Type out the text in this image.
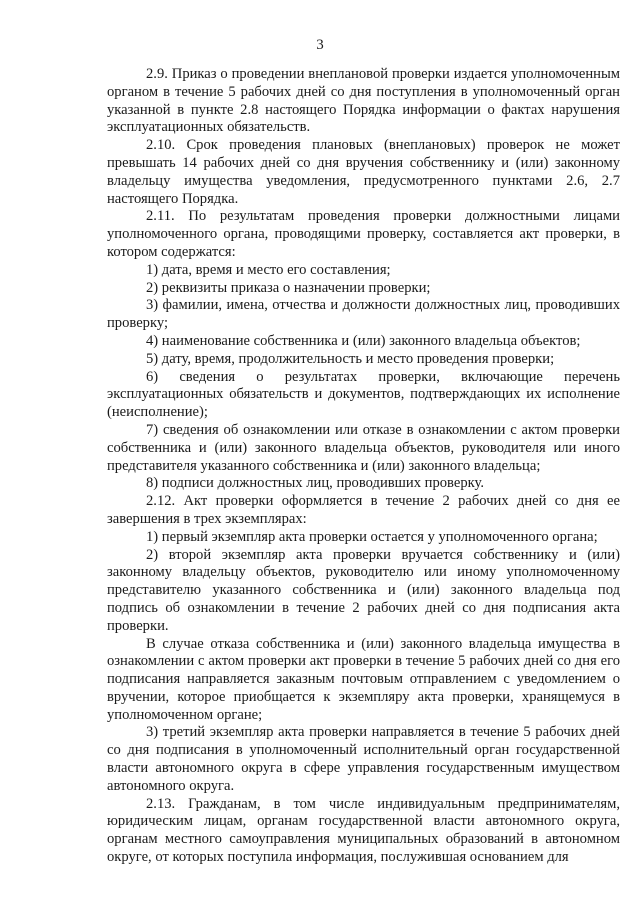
3

2.9. Приказ о проведении внеплановой проверки издается уполномоченным органом в течение 5 рабочих дней со дня поступления в уполномоченный орган указанной в пункте 2.8 настоящего Порядка информации о фактах нарушения эксплуатационных обязательств.

2.10. Срок проведения плановых (внеплановых) проверок не может превышать 14 рабочих дней со дня вручения собственнику и (или) законному владельцу имущества уведомления, предусмотренного пунктами 2.6, 2.7 настоящего Порядка.

2.11. По результатам проведения проверки должностными лицами уполномоченного органа, проводящими проверку, составляется акт проверки, в котором содержатся:

1) дата, время и место его составления;

2) реквизиты приказа о назначении проверки;

3) фамилии, имена, отчества и должности должностных лиц, проводивших проверку;

4) наименование собственника и (или) законного владельца объектов;

5) дату, время, продолжительность и место проведения проверки;

6) сведения о результатах проверки, включающие перечень эксплуатационных обязательств и документов, подтверждающих их исполнение (неисполнение);

7) сведения об ознакомлении или отказе в ознакомлении с актом проверки собственника и (или) законного владельца объектов, руководителя или иного представителя указанного собственника и (или) законного владельца;

8) подписи должностных лиц, проводивших проверку.

2.12. Акт проверки оформляется в течение 2 рабочих дней со дня ее завершения в трех экземплярах:

1) первый экземпляр акта проверки остается у уполномоченного органа;

2) второй экземпляр акта проверки вручается собственнику и (или) законному владельцу объектов, руководителю или иному уполномоченному представителю указанного собственника и (или) законного владельца под подпись об ознакомлении в течение 2 рабочих дней со дня подписания акта проверки.

В случае отказа собственника и (или) законного владельца имущества в ознакомлении с актом проверки акт проверки в течение 5 рабочих дней со дня его подписания направляется заказным почтовым отправлением с уведомлением о вручении, которое приобщается к экземпляру акта проверки, хранящемуся в уполномоченном органе;

3) третий экземпляр акта проверки направляется в течение 5 рабочих дней со дня подписания в уполномоченный исполнительный орган государственной власти автономного округа в сфере управления государственным имуществом автономного округа.

2.13. Гражданам, в том числе индивидуальным предпринимателям, юридическим лицам, органам государственной власти автономного округа, органам местного самоуправления муниципальных образований в автономном округе, от которых поступила информация, послужившая основанием для
